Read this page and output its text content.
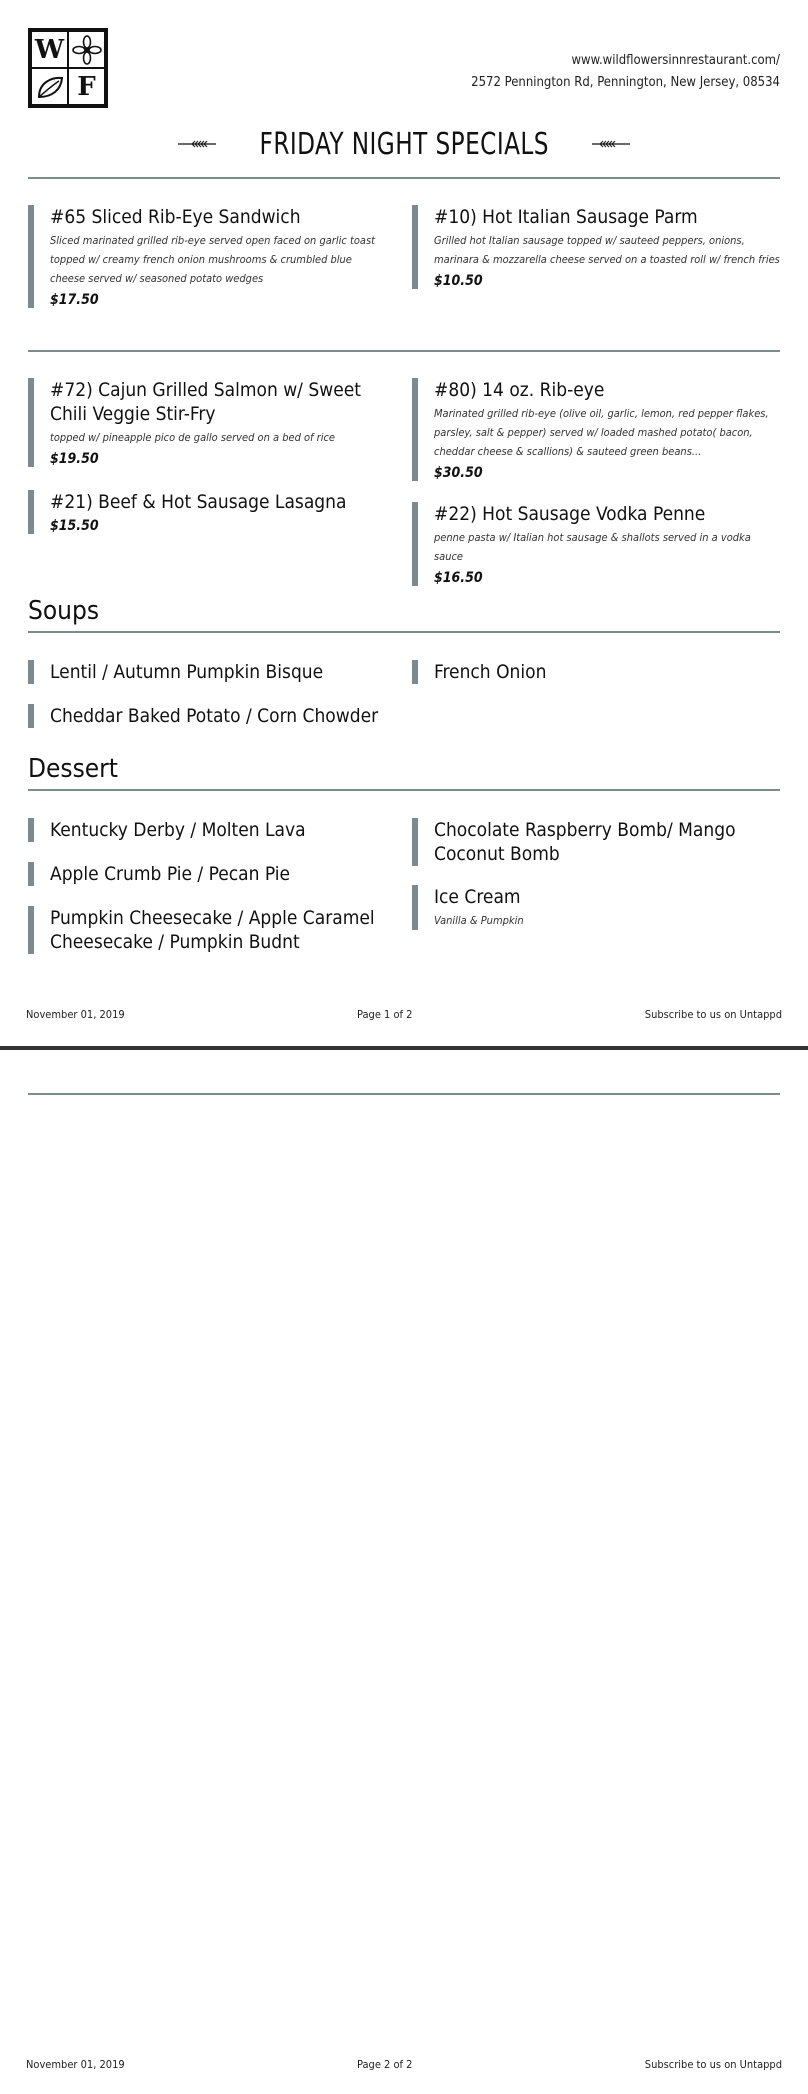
W
F
www.wildflowersinnrestaurant.com/
2572 Pennington Rd, Pennington, New Jersey, 08534
FRIDAY NIGHT SPECIALS
#65 Sliced Rib-Eye Sandwich
Sliced marinated grilled rib-eye served open faced on garlic toast topped w/ creamy french onion mushrooms & crumbled blue cheese served w/ seasoned potato wedges
$17.50
#10) Hot Italian Sausage Parm
Grilled hot Italian sausage topped w/ sauteed peppers, onions, marinara & mozzarella cheese served on a toasted roll w/ french fries
$10.50
#72) Cajun Grilled Salmon w/ Sweet Chili Veggie Stir-Fry
topped w/ pineapple pico de gallo served on a bed of rice
$19.50
#80) 14 oz. Rib-eye
Marinated grilled rib-eye (olive oil, garlic, lemon, red pepper flakes, parsley, salt & pepper) served w/ loaded mashed potato( bacon, cheddar cheese & scallions) & sauteed green beans...
$30.50
#21) Beef & Hot Sausage Lasagna
$15.50
#22) Hot Sausage Vodka Penne
penne pasta w/ Italian hot sausage & shallots served in a vodka sauce
$16.50
Soups
Lentil / Autumn Pumpkin Bisque	French Onion
Cheddar Baked Potato / Corn Chowder
Dessert
Kentucky Derby / Molten Lava	Chocolate Raspberry Bomb/ Mango Coconut Bomb
Apple Crumb Pie / Pecan Pie
Ice Cream
Vanilla & Pumpkin
Pumpkin Cheesecake / Apple Caramel Cheesecake / Pumpkin Budnt
November 01, 2019	Page 1 of 2	Subscribe to us on Untappd
November 01, 2019	Page 2 of 2	Subscribe to us on Untappd
